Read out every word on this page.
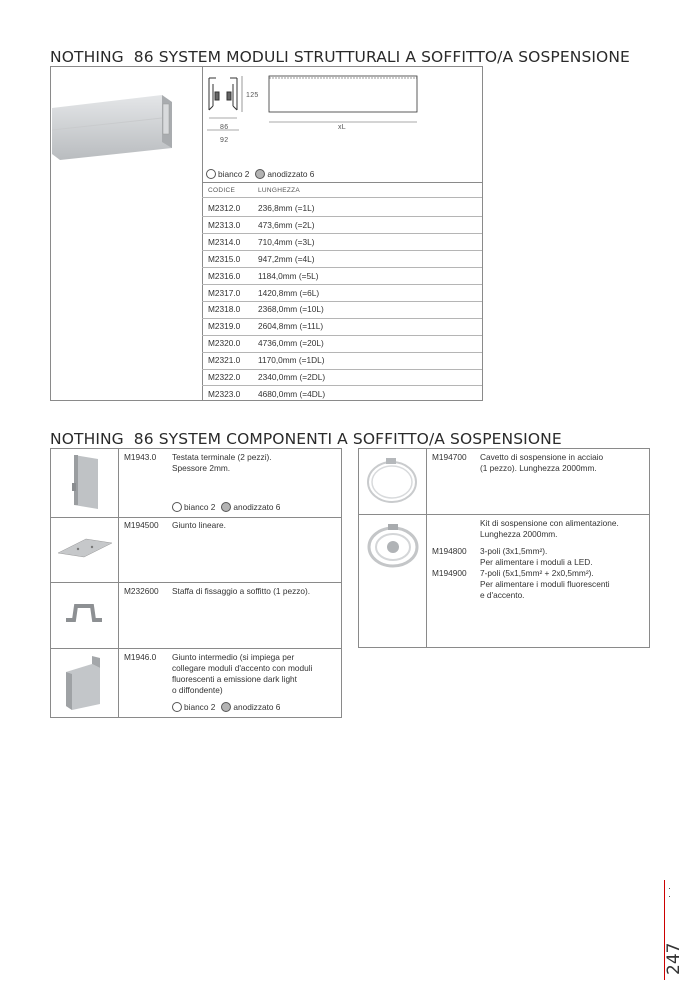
NOTHING 86 SYSTEM MODULI STRUTTURALI A SOFFITTO/A SOSPENSIONE
125
86
92
xL
bianco 2 anodizzato 6
CODICE	LUNGHEZZA
M2312.0 236,8mm (=1L)
M2313.0 473,6mm (=2L)
M2314.0 710,4mm (=3L)
M2315.0 947,2mm (=4L)
M2316.0 1184,0mm (=5L)
M2317.0 1420,8mm (=6L)
M2318.0 2368,0mm (=10L)
M2319.0 2604,8mm (=11L)
M2320.0 4736,0mm (=20L)
M2321.0 1170,0mm (=1DL)
M2322.0 2340,0mm (=2DL)
M2323.0 4680,0mm (=4DL)
NOTHING 86 SYSTEM COMPONENTI A SOFFITTO/A SOSPENSIONE
M1943.0 Testata terminale (2 pezzi).
Spessore 2mm.
bianco 2 anodizzato 6
M194500 Giunto lineare.
M232600 Staffa di fissaggio a soffitto (1 pezzo).
M1946.0 Giunto intermedio (si impiega per
collegare moduli d'accento con moduli
fluorescenti a emissione dark light
o diffondente)
bianco 2 anodizzato 6
M194700 Cavetto di sospensione in acciaio
(1 pezzo). Lunghezza 2000mm.
Kit di sospensione con alimentazione.
Lunghezza 2000mm.
M194800 3-poli (3x1,5mm²).
Per alimentare i moduli a LED.
M194900 7-poli (5x1,5mm² + 2x0,5mm²).
Per alimentare i moduli fluorescenti
e d'accento.
·
·
247
